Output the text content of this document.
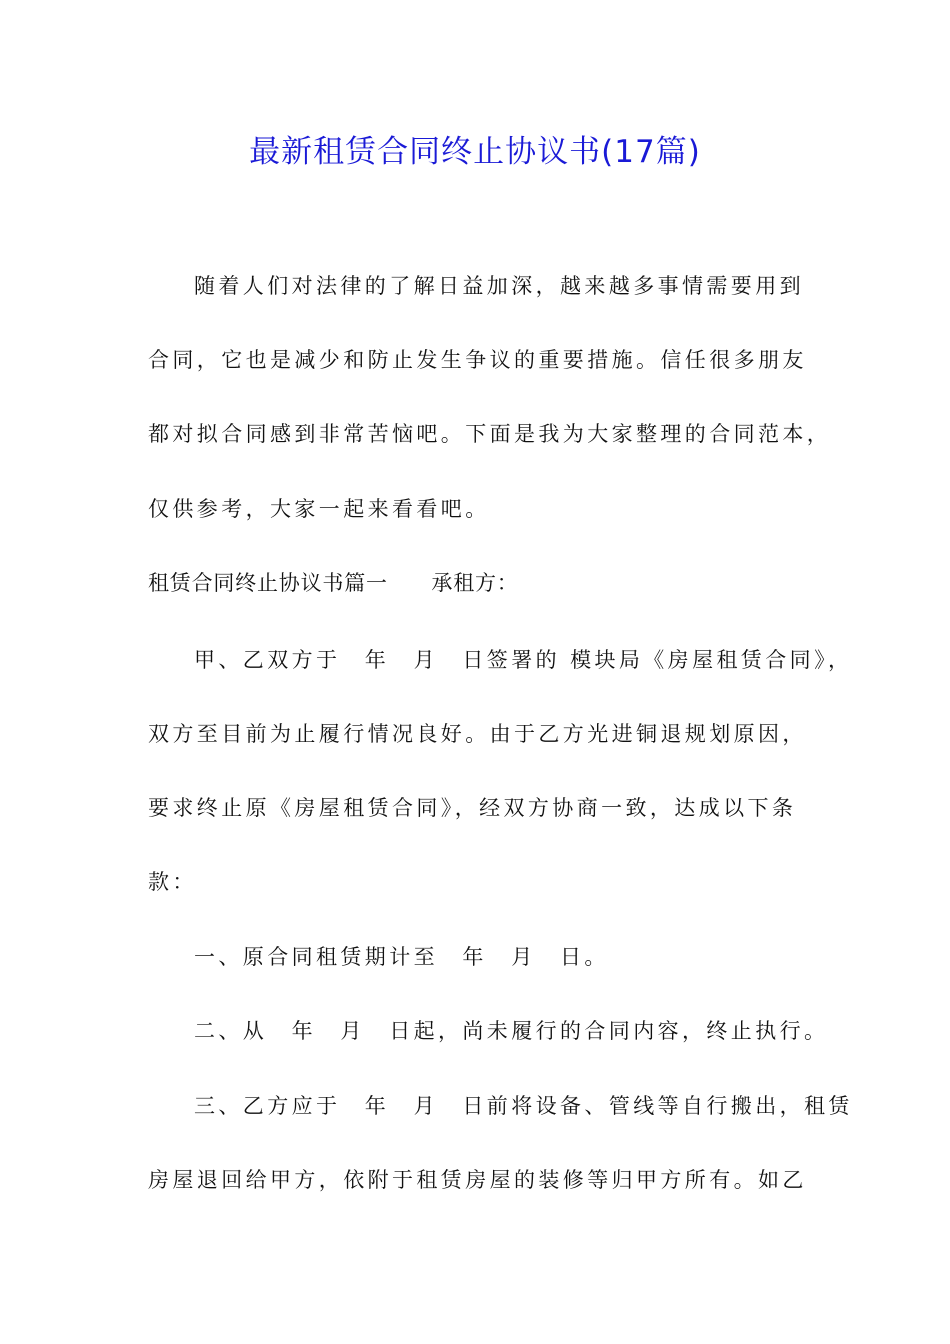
最新租赁合同终止协议书(17篇)
随着人们对法律的了解日益加深，越来越多事情需要用到
合同，它也是减少和防止发生争议的重要措施。信任很多朋友
都对拟合同感到非常苦恼吧。下面是我为大家整理的合同范本，
仅供参考，大家一起来看看吧。
租赁合同终止协议书篇一　　承租方：
甲、乙双方于　年　月　日签署的 模块局《房屋租赁合同》，
双方至目前为止履行情况良好。由于乙方光进铜退规划原因，
要求终止原《房屋租赁合同》，经双方协商一致，达成以下条
款：
一、原合同租赁期计至　年　月　日。
二、从　年　月　日起，尚未履行的合同内容，终止执行。
三、乙方应于　年　月　日前将设备、管线等自行搬出，租赁
房屋退回给甲方，依附于租赁房屋的装修等归甲方所有。如乙
